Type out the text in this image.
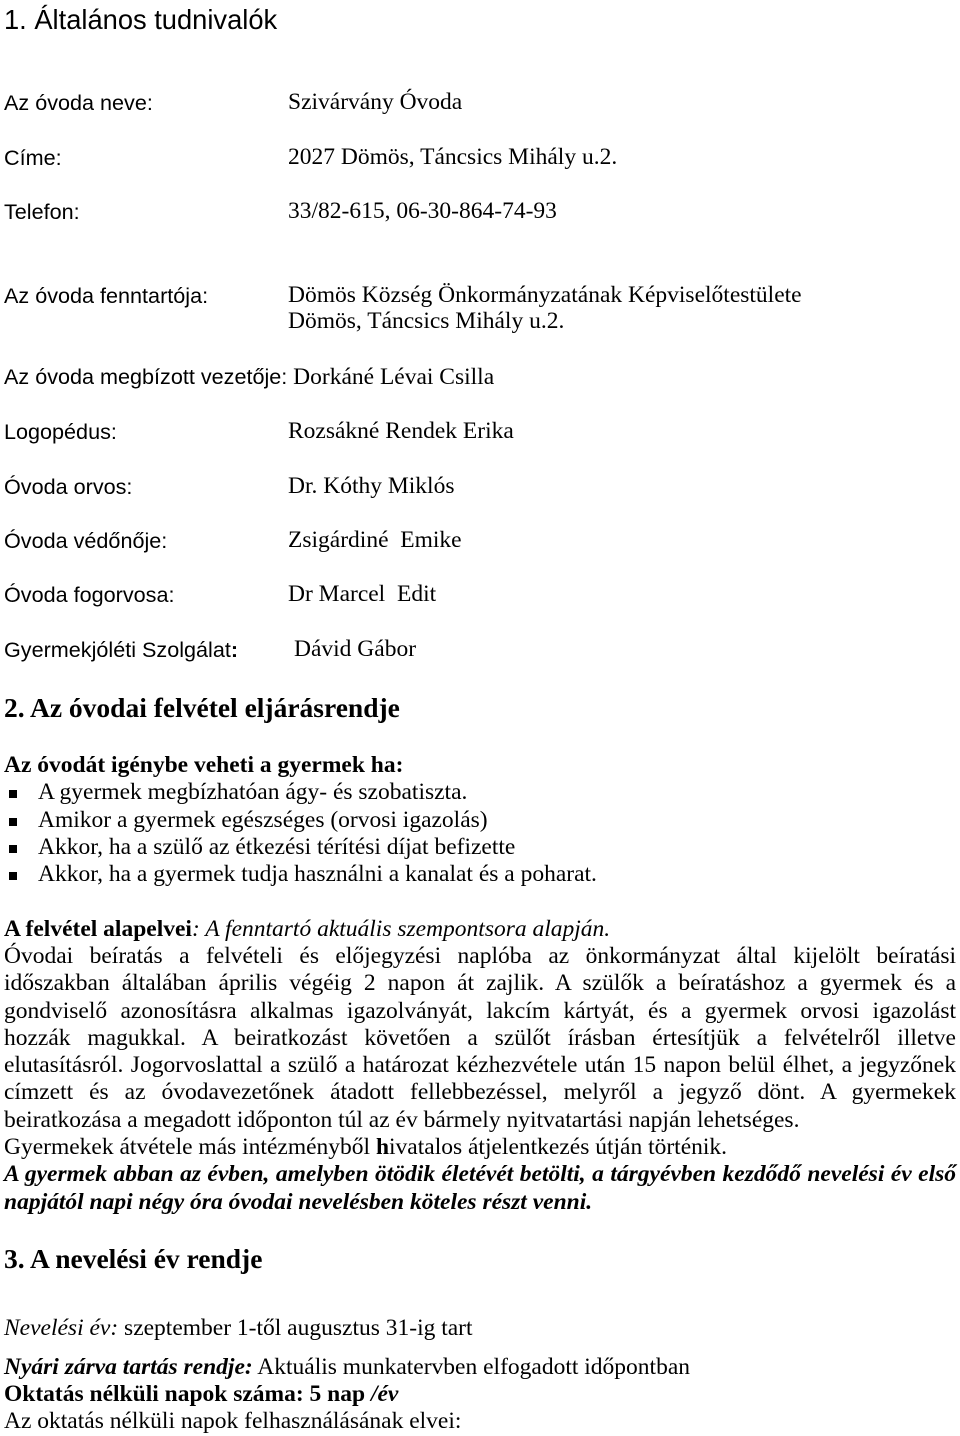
1. Általános tudnivalók
Az óvoda neve:	Szivárvány Óvoda
Címe:	2027 Dömös, Táncsics Mihály u.2.
Telefon:	33/82-615, 06-30-864-74-93
Az óvoda fenntartója:	Dömös Község Önkormányzatának Képviselőtestülete
Dömös, Táncsics Mihály u.2.
Az óvoda megbízott vezetője: Dorkáné Lévai Csilla
Logopédus:	Rozsákné Rendek Erika
Óvoda orvos:	Dr. Kóthy Miklós
Óvoda védőnője:	Zsigárdiné  Emike
Óvoda fogorvosa:	Dr Marcel  Edit
Gyermekjóléti Szolgálat: Dávid Gábor
2. Az óvodai felvétel eljárásrendje
Az óvodát igénybe veheti a gyermek ha:
A gyermek megbízhatóan ágy- és szobatiszta.
Amikor a gyermek egészséges (orvosi igazolás)
Akkor, ha a szülő az étkezési térítési díjat befizette
Akkor, ha a gyermek tudja használni a kanalat és a poharat.
A felvétel alapelvei: A fenntartó aktuális szempontsora alapján.
Óvodai beíratás a felvételi és előjegyzési naplóba az önkormányzat által kijelölt beíratási
időszakban általában április végéig 2 napon át zajlik. A szülők a beíratáshoz a gyermek és a
gondviselő azonosításra alkalmas igazolványát, lakcím kártyát, és a gyermek orvosi igazolást
hozzák magukkal. A beiratkozást követően a szülőt írásban értesítjük a felvételről illetve
elutasításról. Jogorvoslattal a szülő a határozat kézhezvétele után 15 napon belül élhet, a jegyzőnek
címzett és az óvodavezetőnek átadott fellebbezéssel, melyről a jegyző dönt. A gyermekek
beiratkozása a megadott időponton túl az év bármely nyitvatartási napján lehetséges.
Gyermekek átvétele más intézményből hivatalos átjelentkezés útján történik.
A gyermek abban az évben, amelyben ötödik életévét betölti, a tárgyévben kezdődő nevelési év első
napjától napi négy óra óvodai nevelésben köteles részt venni.
3. A nevelési év rendje
Nevelési év: szeptember 1-től augusztus 31-ig tart
Nyári zárva tartás rendje: Aktuális munkatervben elfogadott időpontban
Oktatás nélküli napok száma: 5 nap /év
Az oktatás nélküli napok felhasználásának elvei:
